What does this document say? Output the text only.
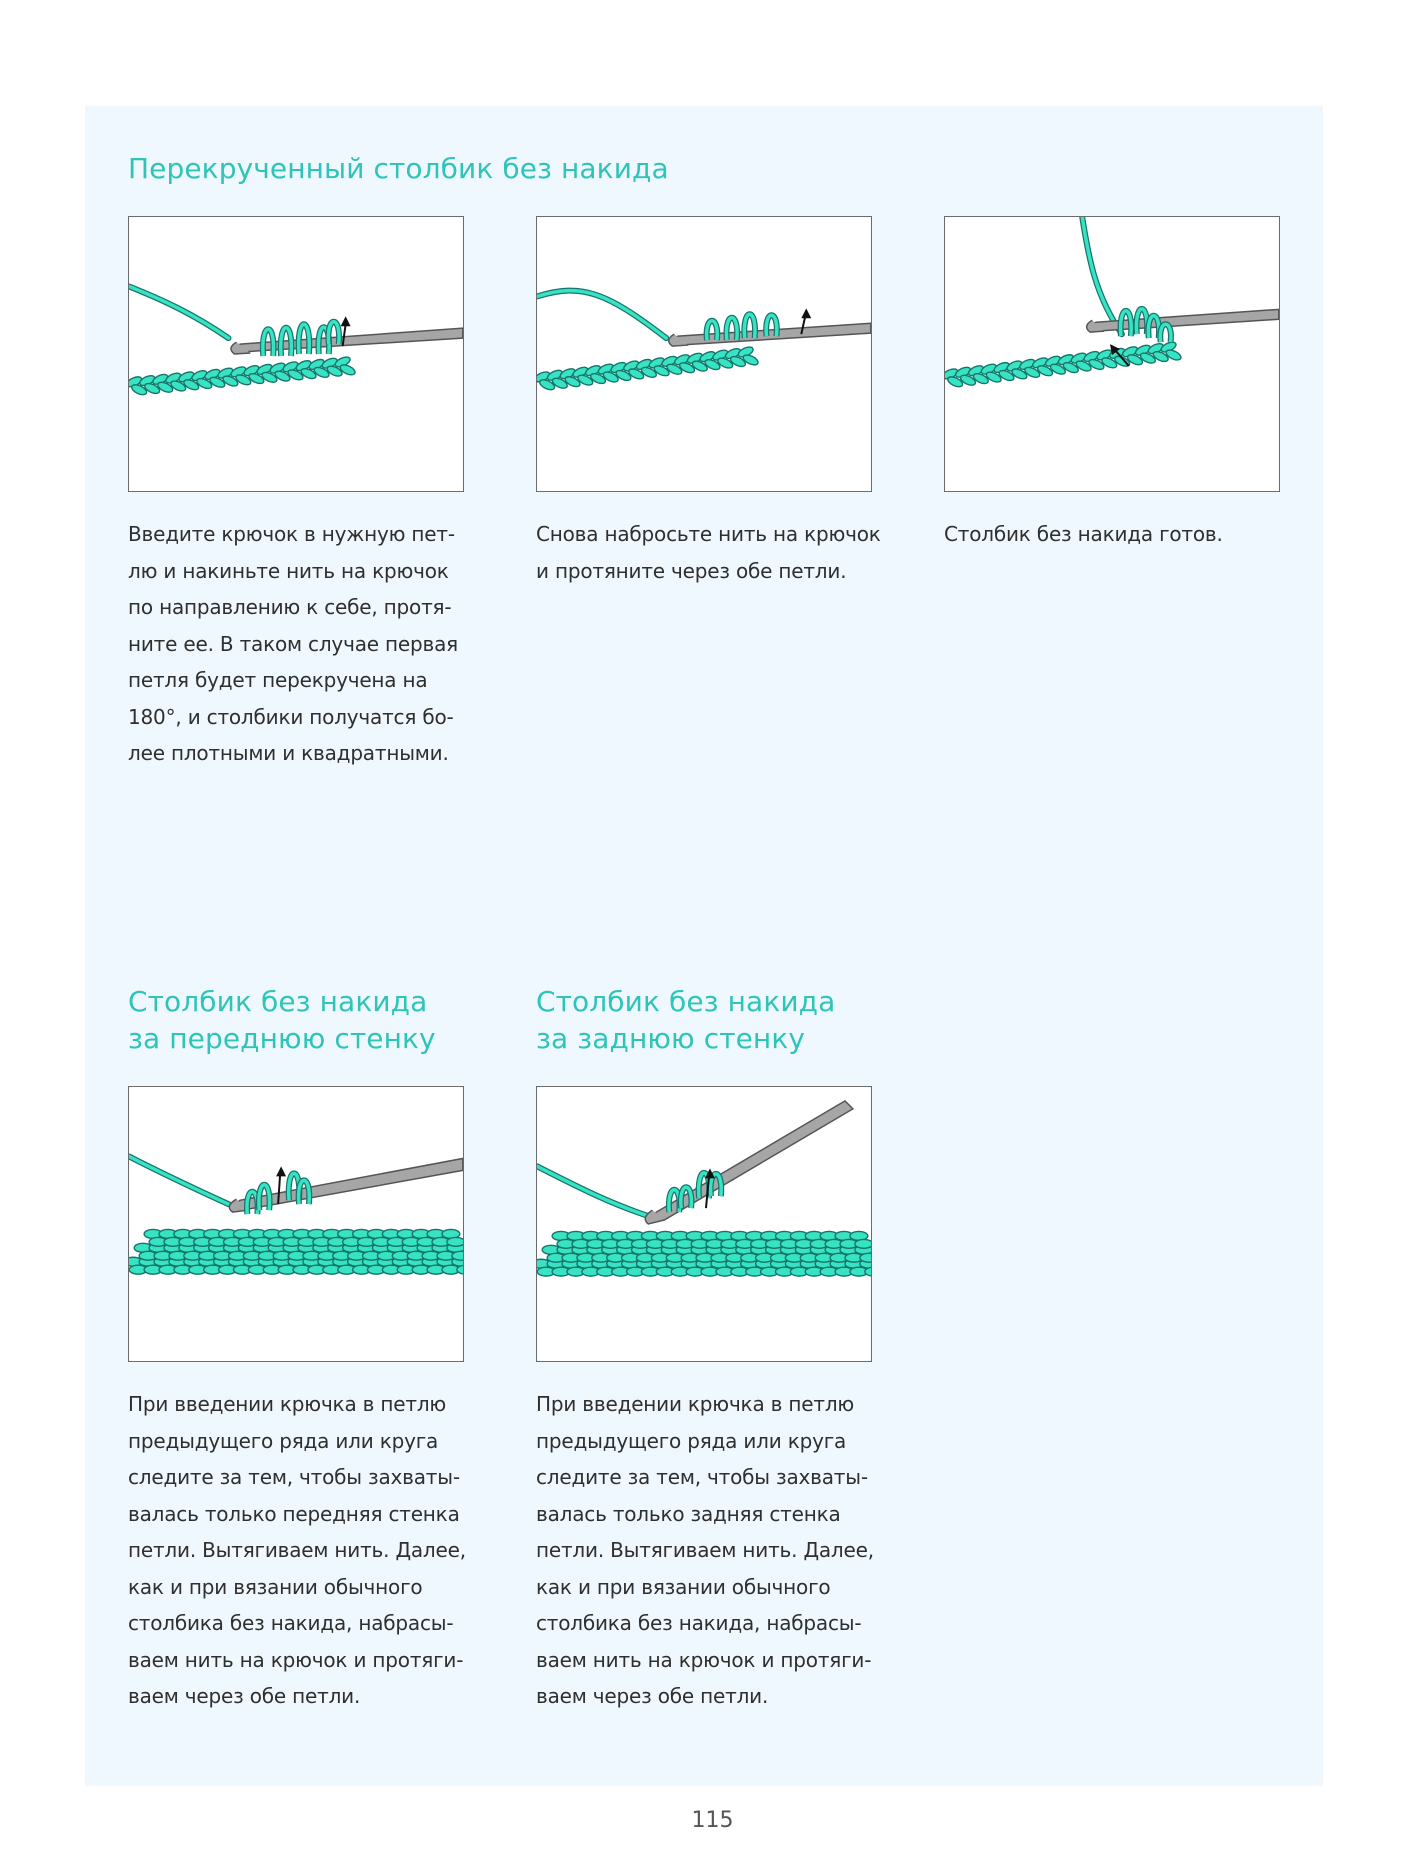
Перекрученный столбик без накида

Введите крючок в нужную пет-
лю и накиньте нить на крючок
по направлению к себе, протя-
ните ее. В таком случае первая
петля будет перекручена на
180°, и столбики получатся бо-
лее плотными и квадратными.

Снова набросьте нить на крючок
и протяните через обе петли.

Столбик без накида готов.

Столбик без накида
за переднюю стенку
Столбик без накида
за заднюю стенку

При введении крючка в петлю
предыдущего ряда или круга
следите за тем, чтобы захваты-
валась только передняя стенка
петли. Вытягиваем нить. Далее,
как и при вязании обычного
столбика без накида, набрасы-
ваем нить на крючок и протяги-
ваем через обе петли.

При введении крючка в петлю
предыдущего ряда или круга
следите за тем, чтобы захваты-
валась только задняя стенка
петли. Вытягиваем нить. Далее,
как и при вязании обычного
столбика без накида, набрасы-
ваем нить на крючок и протяги-
ваем через обе петли.

115
